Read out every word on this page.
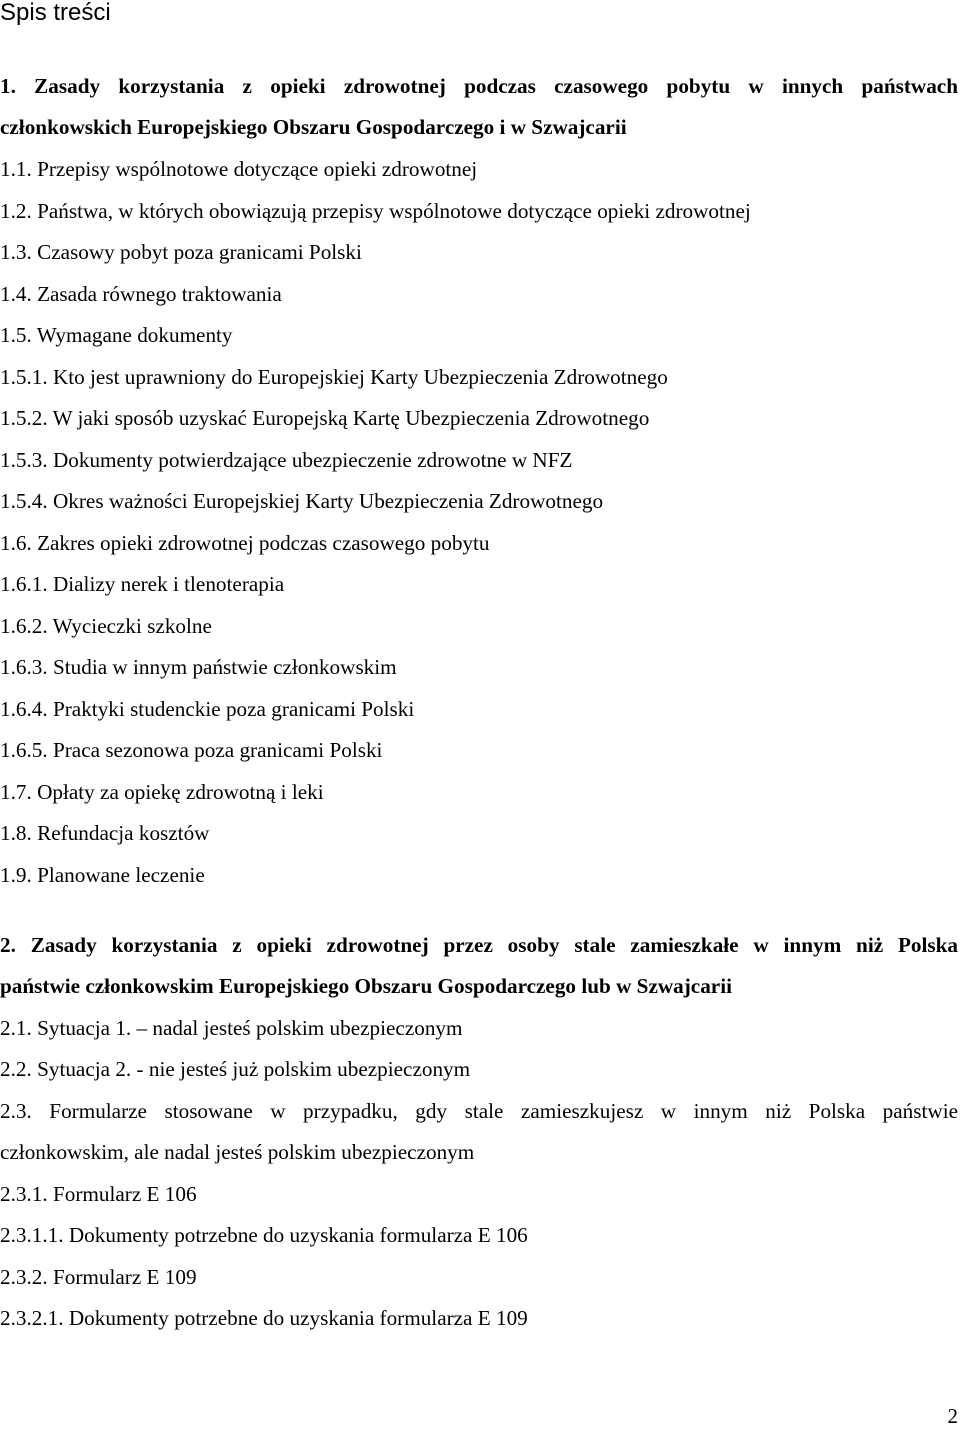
Spis treści
1. Zasady korzystania z opieki zdrowotnej podczas czasowego pobytu w innych państwach
członkowskich Europejskiego Obszaru Gospodarczego i w Szwajcarii
1.1. Przepisy wspólnotowe dotyczące opieki zdrowotnej
1.2. Państwa, w których obowiązują przepisy wspólnotowe dotyczące opieki zdrowotnej
1.3. Czasowy pobyt poza granicami Polski
1.4. Zasada równego traktowania
1.5. Wymagane dokumenty
1.5.1. Kto jest uprawniony do Europejskiej Karty Ubezpieczenia Zdrowotnego
1.5.2. W jaki sposób uzyskać Europejską Kartę Ubezpieczenia Zdrowotnego
1.5.3. Dokumenty potwierdzające ubezpieczenie zdrowotne w NFZ
1.5.4. Okres ważności Europejskiej Karty Ubezpieczenia Zdrowotnego
1.6. Zakres opieki zdrowotnej podczas czasowego pobytu
1.6.1. Dializy nerek i tlenoterapia
1.6.2. Wycieczki szkolne
1.6.3. Studia w innym państwie członkowskim
1.6.4. Praktyki studenckie poza granicami Polski
1.6.5. Praca sezonowa poza granicami Polski
1.7. Opłaty za opiekę zdrowotną i leki
1.8. Refundacja kosztów
1.9. Planowane leczenie
2. Zasady korzystania z opieki zdrowotnej przez osoby stale zamieszkałe w innym niż Polska
państwie członkowskim Europejskiego Obszaru Gospodarczego lub w Szwajcarii
2.1. Sytuacja 1. – nadal jesteś polskim ubezpieczonym
2.2. Sytuacja 2. - nie jesteś już polskim ubezpieczonym
2.3. Formularze stosowane w przypadku, gdy stale zamieszkujesz w innym niż Polska państwie
członkowskim, ale nadal jesteś polskim ubezpieczonym
2.3.1. Formularz E 106
2.3.1.1. Dokumenty potrzebne do uzyskania formularza E 106
2.3.2. Formularz E 109
2.3.2.1. Dokumenty potrzebne do uzyskania formularza E 109
2
